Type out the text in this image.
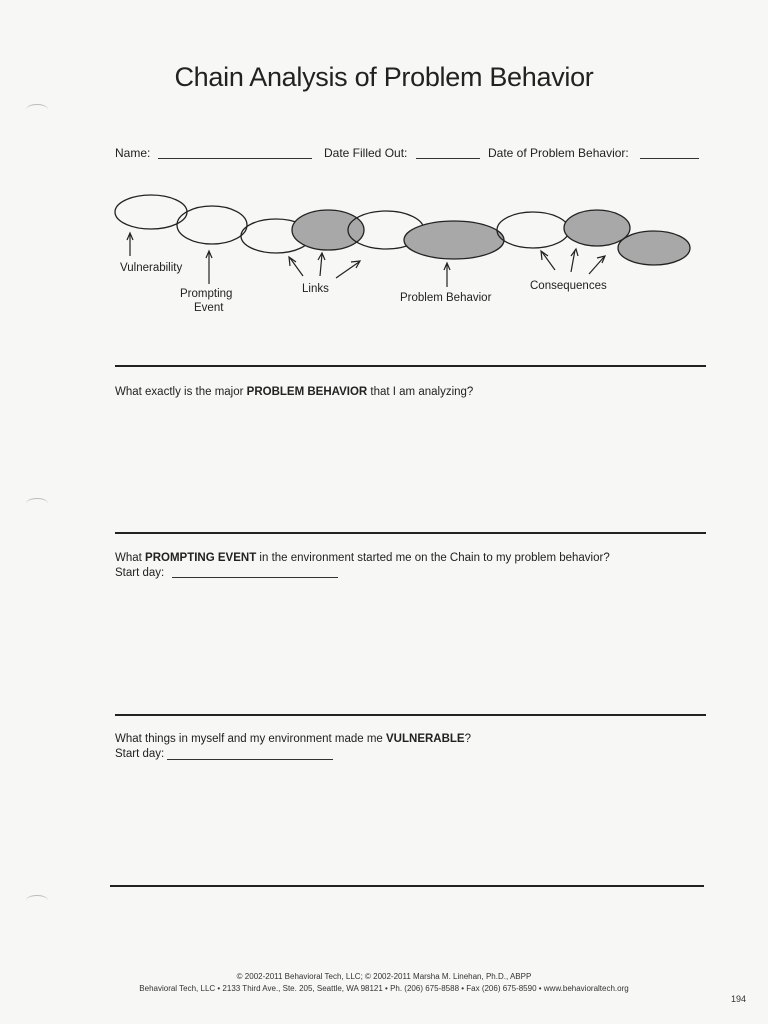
Chain Analysis of Problem Behavior
Name:	Date Filled Out:	Date of Problem Behavior:
Vulnerability
Prompting
Event
Links
Problem Behavior
Consequences
What exactly is the major PROBLEM BEHAVIOR that I am analyzing?
What PROMPTING EVENT in the environment started me on the Chain to my problem behavior?
Start day:
What things in myself and my environment made me VULNERABLE?
Start day:
© 2002-2011 Behavioral Tech, LLC; © 2002-2011 Marsha M. Linehan, Ph.D., ABPP
Behavioral Tech, LLC • 2133 Third Ave., Ste. 205, Seattle, WA 98121 • Ph. (206) 675-8588 • Fax (206) 675-8590 • www.behavioraltech.org
194
